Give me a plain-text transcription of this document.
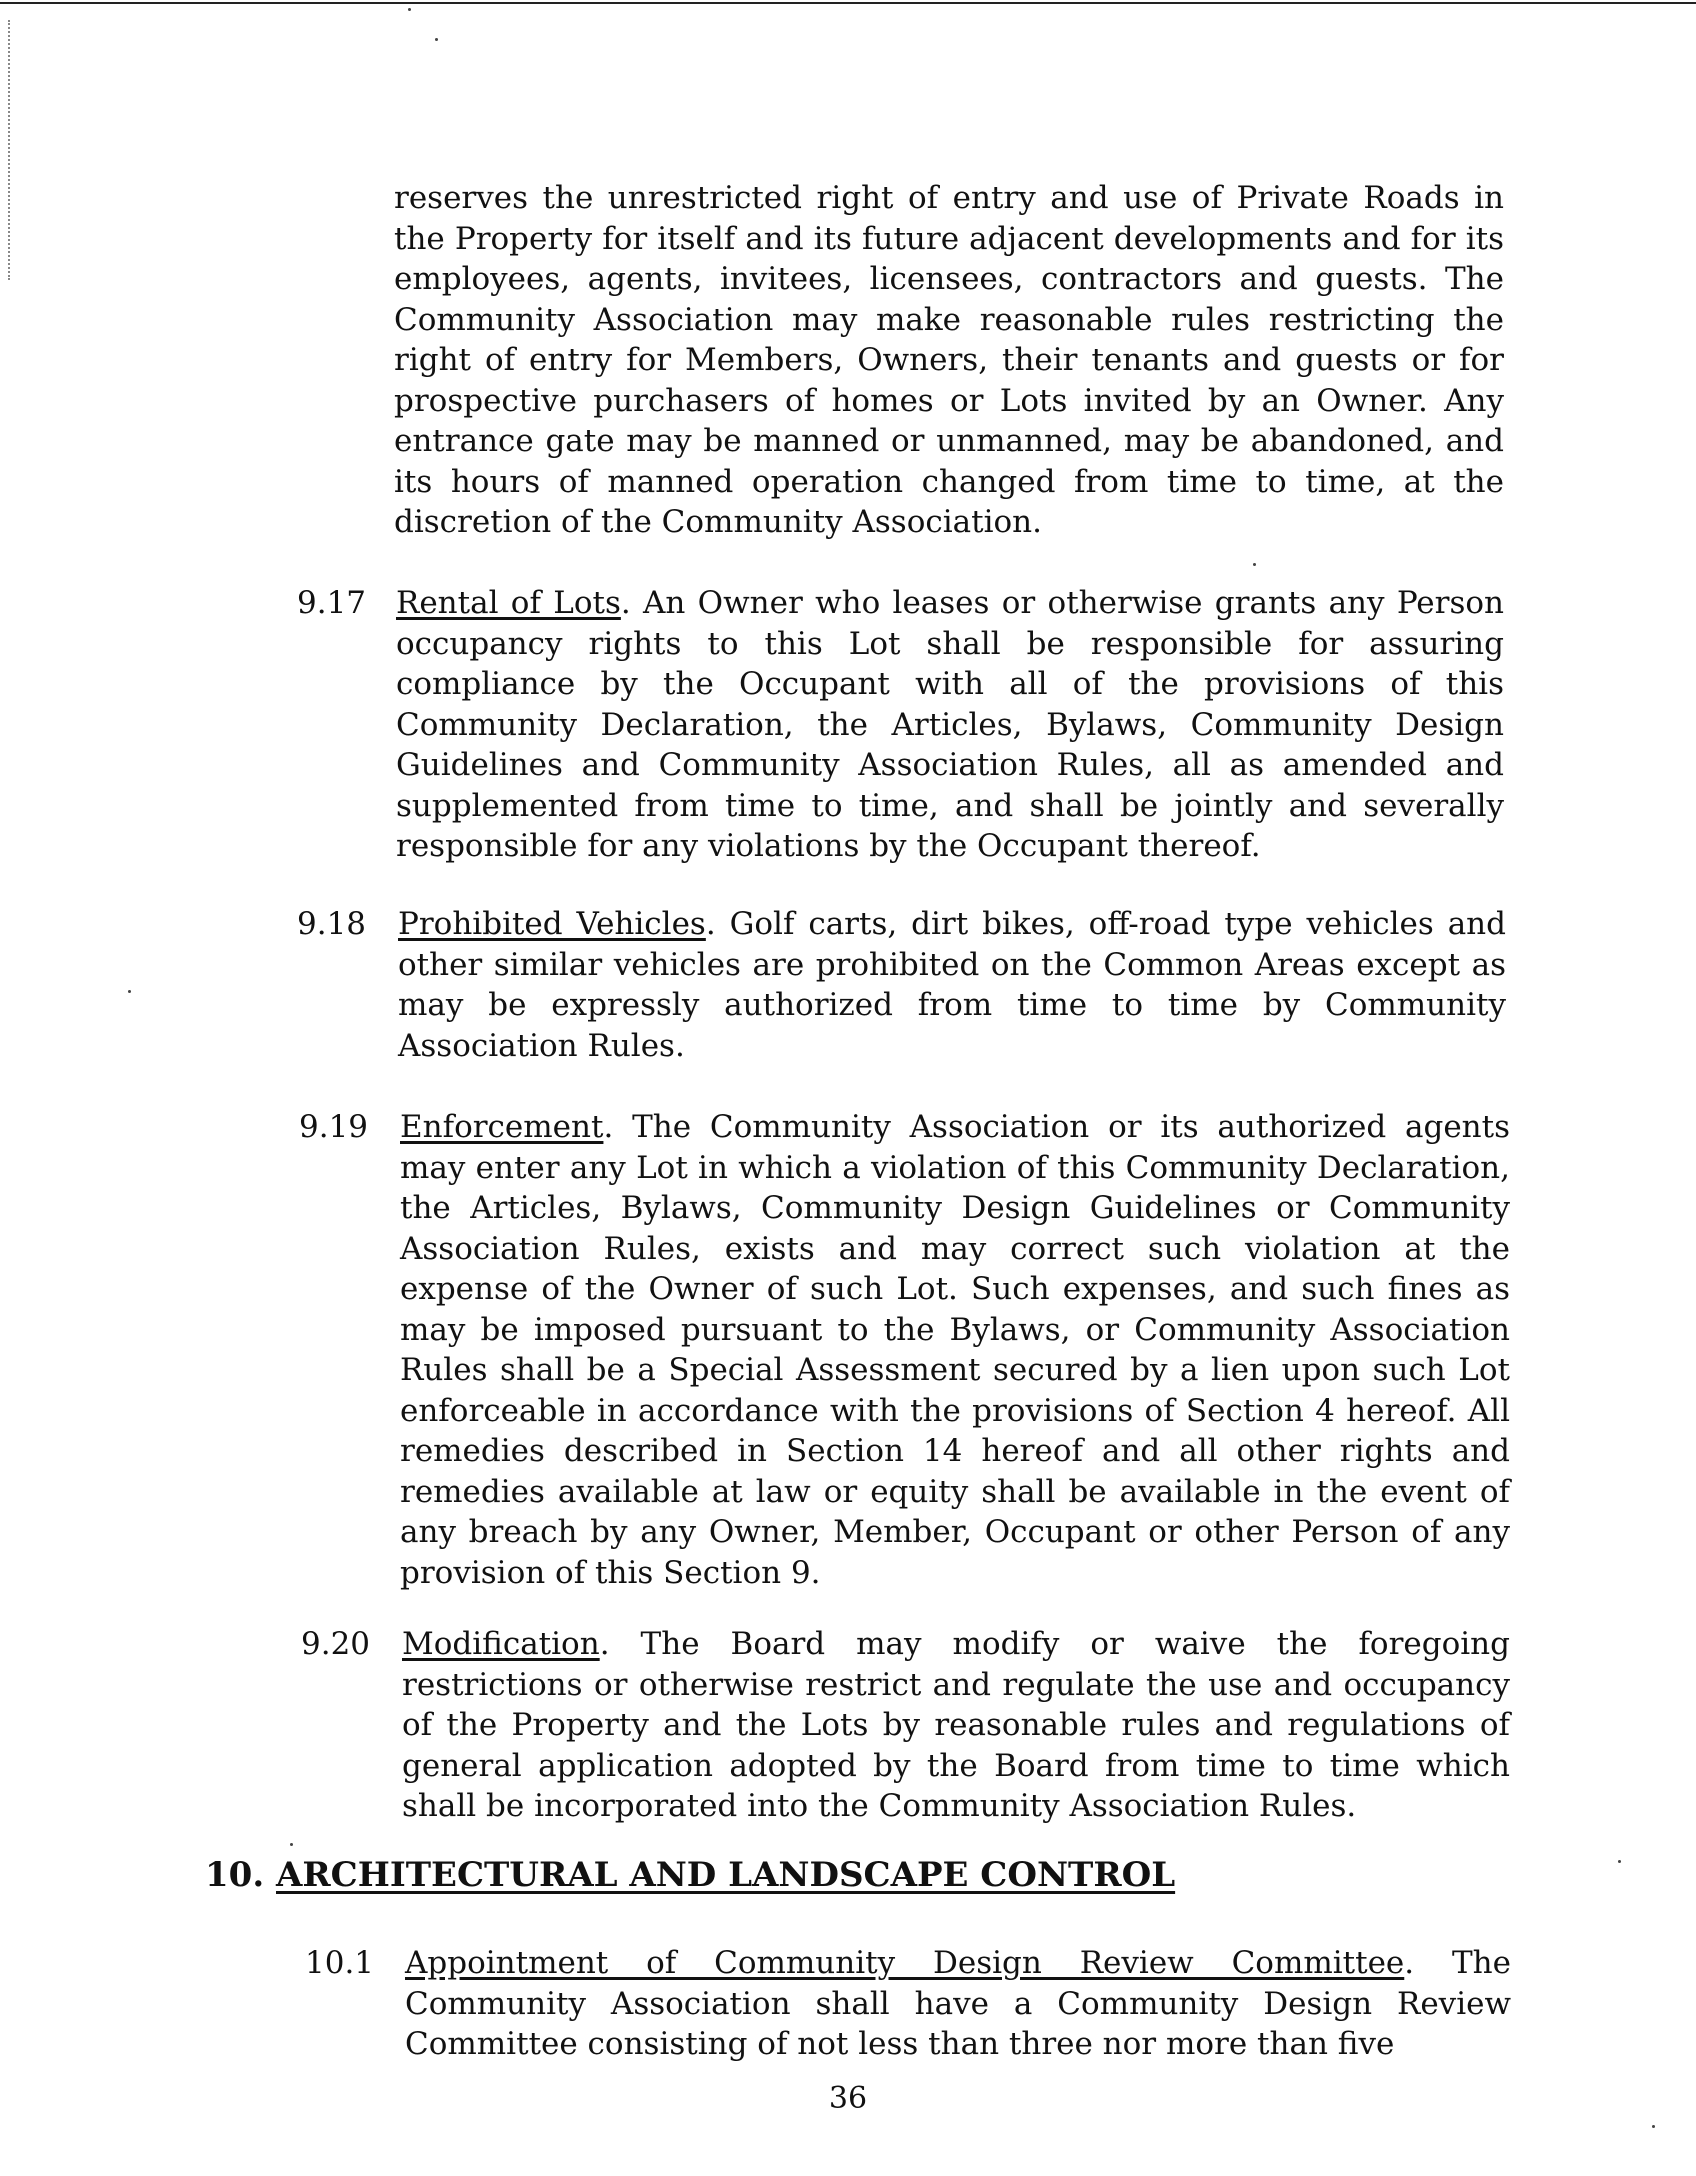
reserves the unrestricted right of entry and use of Private Roads in the Property for itself and its future adjacent developments and for its employees, agents, invitees, licensees, contractors and guests. The Community Association may make reasonable rules restricting the right of entry for Members, Owners, their tenants and guests or for prospective purchasers of homes or Lots invited by an Owner. Any entrance gate may be manned or unmanned, may be abandoned, and its hours of manned operation changed from time to time, at the discretion of the Community Association.
9.17 Rental of Lots. An Owner who leases or otherwise grants any Person occupancy rights to this Lot shall be responsible for assuring compliance by the Occupant with all of the provisions of this Community Declaration, the Articles, Bylaws, Community Design Guidelines and Community Association Rules, all as amended and supplemented from time to time, and shall be jointly and severally responsible for any violations by the Occupant thereof.
9.18 Prohibited Vehicles. Golf carts, dirt bikes, off-road type vehicles and other similar vehicles are prohibited on the Common Areas except as may be expressly authorized from time to time by Community Association Rules.
9.19 Enforcement. The Community Association or its authorized agents may enter any Lot in which a violation of this Community Declaration, the Articles, Bylaws, Community Design Guidelines or Community Association Rules, exists and may correct such violation at the expense of the Owner of such Lot. Such expenses, and such fines as may be imposed pursuant to the Bylaws, or Community Association Rules shall be a Special Assessment secured by a lien upon such Lot enforceable in accordance with the provisions of Section 4 hereof. All remedies described in Section 14 hereof and all other rights and remedies available at law or equity shall be available in the event of any breach by any Owner, Member, Occupant or other Person of any provision of this Section 9.
9.20 Modification. The Board may modify or waive the foregoing restrictions or otherwise restrict and regulate the use and occupancy of the Property and the Lots by reasonable rules and regulations of general application adopted by the Board from time to time which shall be incorporated into the Community Association Rules.
10. ARCHITECTURAL AND LANDSCAPE CONTROL
10.1 Appointment of Community Design Review Committee. The Community Association shall have a Community Design Review Committee consisting of not less than three nor more than five
36
